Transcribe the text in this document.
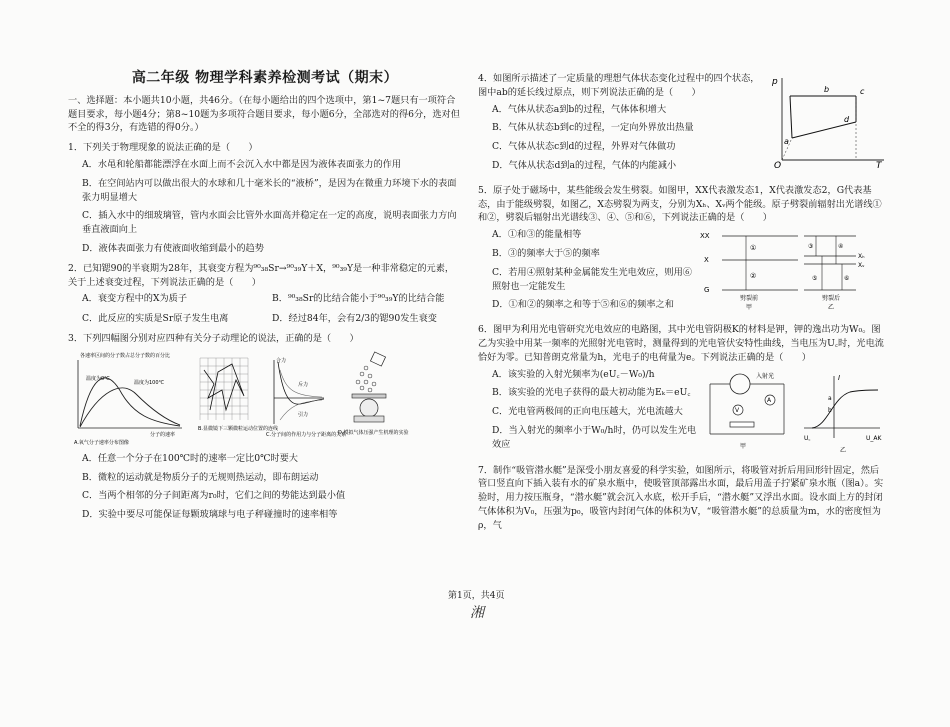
高二年级 物理学科素养检测考试（期末）
一、选择题：本小题共10小题，共46分。（在每小题给出的四个选项中，第1~7题只有一项符合题目要求，每小题4分；第8~10题为多项符合题目要求，每小题6分，全部选对的得6分，选对但不全的得3分，有选错的得0分。）
1．下列关于物理现象的说法正确的是（　　）
A．水黾和轮船都能漂浮在水面上而不会沉入水中都是因为液体表面张力的作用
B．在空间站内可以做出很大的水球和几十毫米长的“液桥”，是因为在微重力环境下水的表面张力明显增大
C．插入水中的细玻璃管，管内水面会比管外水面高并稳定在一定的高度，说明表面张力方向垂直液面向上
D．液体表面张力有使液面收缩到最小的趋势
2．已知锶90的半衰期为28年，其衰变方程为⁹⁰₃₈Sr→⁹⁰₃₉Y＋X，⁹⁰₃₉Y是一种非常稳定的元素，关于上述衰变过程，下列说法正确的是（　　）
A．衰变方程中的X为质子	B．⁹⁰₃₈Sr的比结合能小于⁹⁰₃₉Y的比结合能
C．此反应的实质是Sr原子发生电离	D．经过84年，会有2/3的锶90发生衰变
3．下列四幅图分别对应四种有关分子动理论的说法，正确的是（　　）
各速率区间的分子数占总分子数的百分比
温度为0℃
温度为100℃
分子的速率
A.氧气分子速率分布图像
B.显微镜下三颗微粒运动位置的连线
合力
斥力
引力
C.分子间的作用力与分子距离的关系
D.模拟气体压强产生机理的实验
A．任意一个分子在100℃时的速率一定比0℃时要大
B．微粒的运动就是物质分子的无规则热运动，即布朗运动
C．当两个相邻的分子间距离为r₀时，它们之间的势能达到最小值
D．实验中要尽可能保证每颗玻璃球与电子秤碰撞时的速率相等
4．如图所示描述了一定质量的理想气体状态变化过程中的四个状态，图中ab的延长线过原点，则下列说法正确的是（　　）
A．气体从状态a到b的过程，气体体积增大
B．气体从状态b到c的过程，一定向外界放出热量
C．气体从状态c到d的过程，外界对气体做功
D．气体从状态d到a的过程，气体的内能减小
p
T
O
a
b	c
d
5．原子处于磁场中，某些能级会发生劈裂。如图甲，XX代表激发态1，X代表激发态2，G代表基态，由于能级劈裂，如图乙，X态劈裂为两支，分别为Xₕ、Xᵥ两个能级。原子劈裂前辐射出光谱线①和②，劈裂后辐射出光谱线③、④、⑤和⑥，下列说法正确的是（　　）
A．①和③的能量相等
B．③的频率大于⑤的频率
C．若用④照射某种金属能发生光电效应，则用⑥照射也一定能发生
D．①和②的频率之和等于⑤和⑥的频率之和
XX
X
G
①
②
Xₕ
Xᵥ
③	④
⑤	⑥
劈裂前
甲
劈裂后
乙
6．图甲为利用光电管研究光电效应的电路图，其中光电管阴极K的材料是钾，钾的逸出功为W₀。图乙为实验中用某一频率的光照射光电管时，测量得到的光电管伏安特性曲线，当电压为U꜀时，光电流恰好为零。已知普朗克常量为h，光电子的电荷量为e。下列说法正确的是（　　）
A．该实验的入射光频率为(eU꜀－W₀)/h
B．该实验的光电子获得的最大初动能为Eₖ＝eU꜀
C．光电管两极间的正向电压越大，光电流越大
D．当入射光的频率小于W₀/h时，仍可以发生光电效应
入射光
A
V
甲
I
a
b
U꜀	U_AK
乙
7．制作“吸管潜水艇”是深受小朋友喜爱的科学实验，如图所示，将吸管对折后用回形针固定，然后管口竖直向下插入装有水的矿泉水瓶中，使吸管顶部露出水面，最后用盖子拧紧矿泉水瓶（图a）。实验时，用力按压瓶身，“潜水艇”就会沉入水底，松开手后，“潜水艇”又浮出水面。设水面上方的封闭气体体积为V₀，压强为p₀，吸管内封闭气体的体积为V，“吸管潜水艇”的总质量为m，水的密度恒为ρ，气
第1页，共4页
湘
